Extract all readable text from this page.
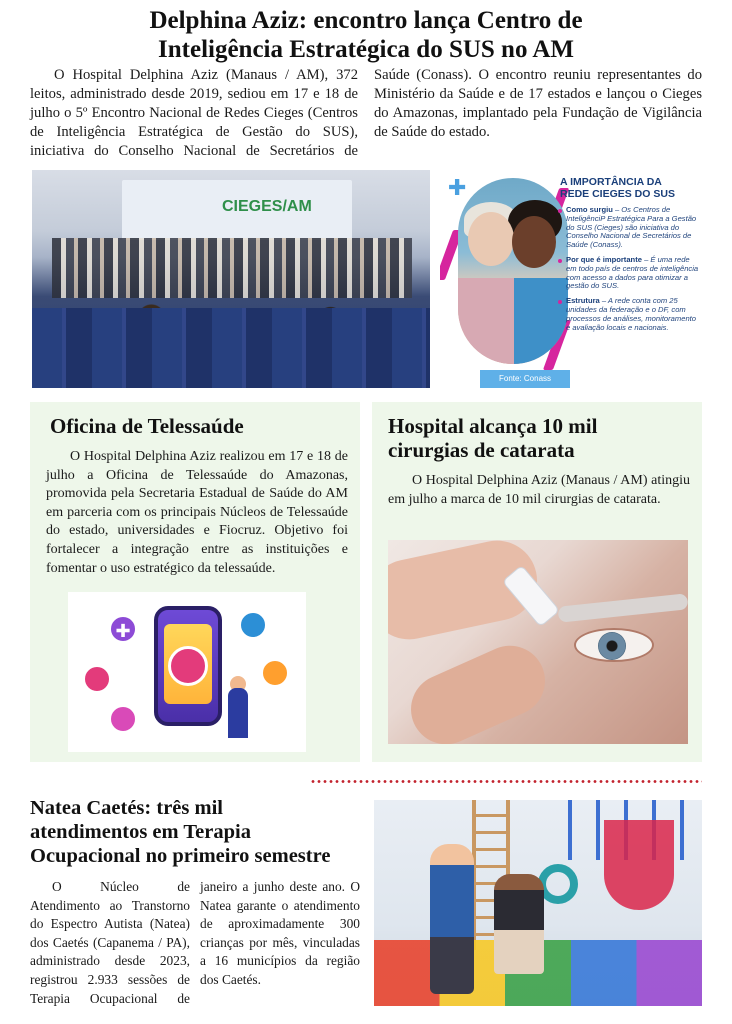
Delphina Aziz: encontro lança Centro de
Inteligência Estratégica do SUS no AM

O Hospital Delphina Aziz (Manaus / AM), 372 leitos, administrado desde 2019, sediou em 17 e 18 de julho o 5º Encontro Nacional de Redes Cieges (Centros de Inteligência Estratégica de Gestão do SUS), iniciativa do Conselho Nacional de Secretários de Saúde (Conass). O encontro reuniu representantes do Ministério da Saúde e de 17 estados e lançou o Cieges do Amazonas, implantado pela Fundação de Vigilância de Saúde do estado.

CIEGES/AM
✚	A IMPORTÂNCIA DA
REDE CIEGES DO SUS
Como surgiu – Os Centros de InteligênciP Estratégica Para a Gestão do SUS (Cieges) são iniciativa do Conselho Nacional de Secretários de Saúde (Conass).
Por que é importante – É uma rede em todo país de centros de inteligência com acesso a dados para otimizar a gestão do SUS.
Estrutura – A rede conta com 25 unidades da federação e o DF, com processos de análises, monitoramento e avaliação locais e nacionais.
Fonte: Conass
Oficina de Telessaúde

O Hospital Delphina Aziz realizou em 17 e 18 de julho a Oficina de Telessaúde do Amazonas, promovida pela Secretaria Estadual de Saúde do AM em parceria com os principais Núcleos de Telessaúde do estado, universidades e Fiocruz. Objetivo foi fortalecer a integração entre as instituições e fomentar o uso estratégico da telessaúde.

✚
Hospital alcança 10 mil
cirurgias de catarata

O Hospital Delphina Aziz (Manaus / AM) atingiu em julho a marca de 10 mil cirurgias de catarata.

Natea Caetés: três mil
atendimentos em Terapia
Ocupacional no primeiro semestre

O Núcleo de Atendimento ao Transtorno do Espectro Autista (Natea) dos Caetés (Capanema / PA), administrado desde 2023, registrou 2.933 sessões de Terapia Ocupacional de janeiro a junho deste ano. O Natea garante o atendimento de aproximadamente 300 crianças por mês, vinculadas a 16 municípios da região dos Caetés.
